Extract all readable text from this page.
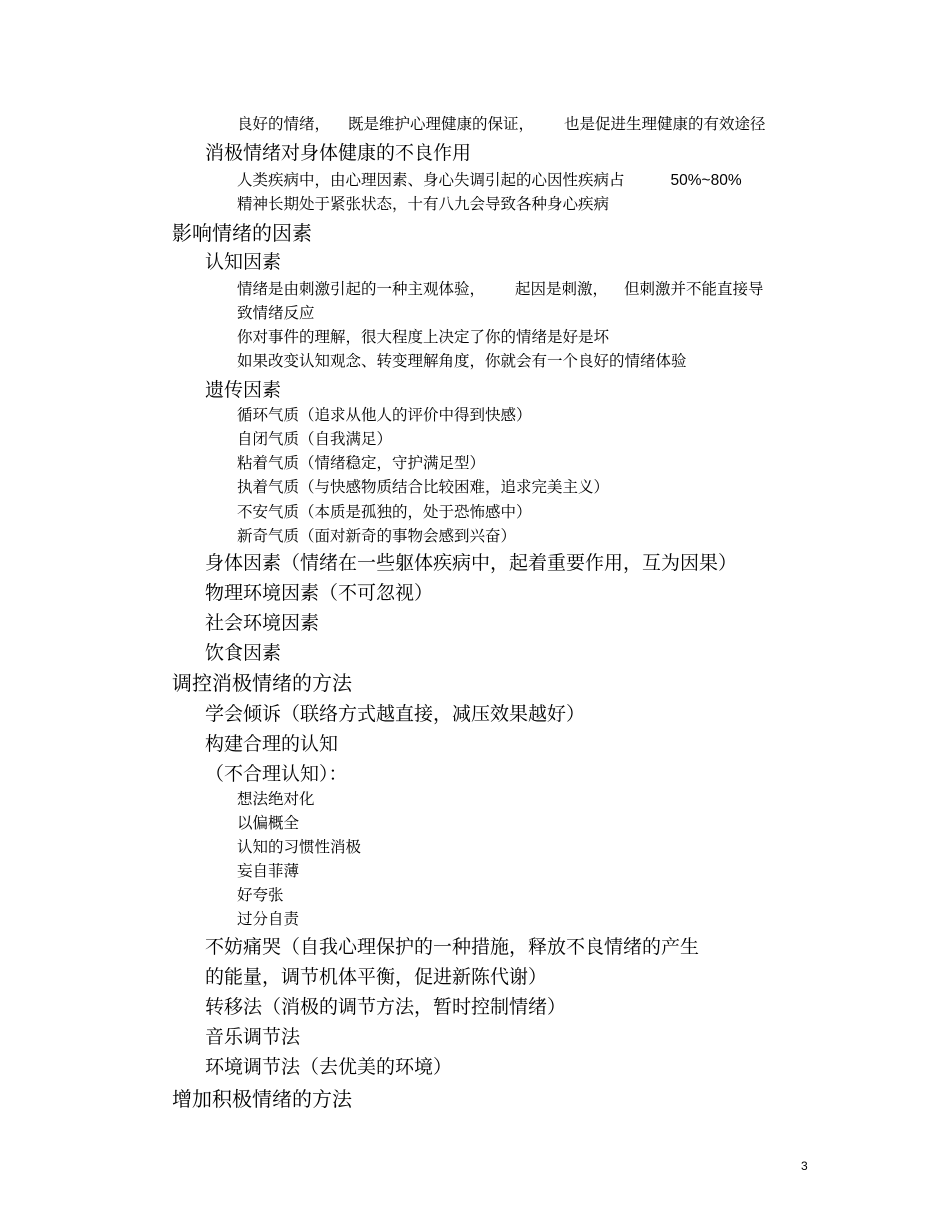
良好的情绪， 既是维护心理健康的保证， 也是促进生理健康的有效途径
消极情绪对身体健康的不良作用
人类疾病中，由心理因素、身心失调引起的心因性疾病占	50%~80%
精神长期处于紧张状态，十有八九会导致各种身心疾病
影响情绪的因素
认知因素
情绪是由刺激引起的一种主观体验， 起因是刺激， 但刺激并不能直接导
致情绪反应
你对事件的理解，很大程度上决定了你的情绪是好是坏
如果改变认知观念、转变理解角度，你就会有一个良好的情绪体验
遗传因素
循环气质（追求从他人的评价中得到快感）
自闭气质（自我满足）
粘着气质（情绪稳定，守护满足型）
执着气质（与快感物质结合比较困难，追求完美主义）
不安气质（本质是孤独的，处于恐怖感中）
新奇气质（面对新奇的事物会感到兴奋）
身体因素（情绪在一些躯体疾病中，起着重要作用，互为因果）
物理环境因素（不可忽视）
社会环境因素
饮食因素
调控消极情绪的方法
学会倾诉（联络方式越直接，减压效果越好）
构建合理的认知
（不合理认知）：
想法绝对化
以偏概全
认知的习惯性消极
妄自菲薄
好夸张
过分自责
不妨痛哭（自我心理保护的一种措施，释放不良情绪的产生
的能量，调节机体平衡，促进新陈代谢）
转移法（消极的调节方法，暂时控制情绪）
音乐调节法
环境调节法（去优美的环境）
增加积极情绪的方法
3
